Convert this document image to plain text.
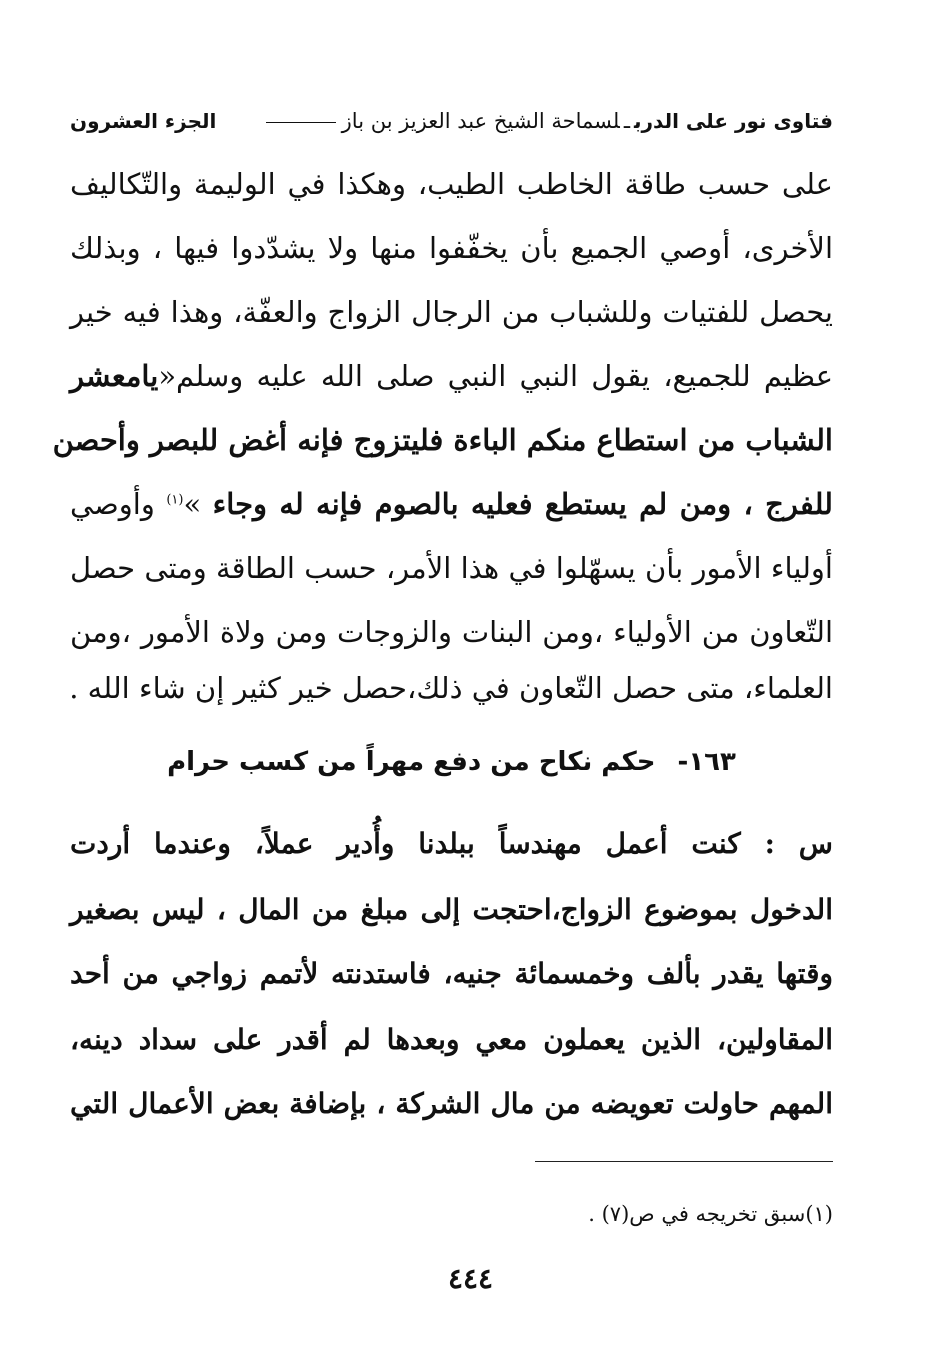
فتاوى نور على الدربـلسماحة الشيخ عبد العزيز بن باز
الجزء العشرون
على حسب طاقة الخاطب الطيب، وهكذا في الوليمة والتّكاليف
الأخرى، أوصي الجميع بأن يخفّفوا منها ولا يشدّدوا فيها ، وبذلك
يحصل للفتيات وللشباب من الرجال الزواج والعفّة، وهذا فيه خير
عظيم للجميع، يقول النبي النبي صلى الله عليه وسلم«يامعشر
الشباب من استطاع منكم الباءة فليتزوج فإنه أغض للبصر وأحصن
للفرج ، ومن لم يستطع فعليه بالصوم فإنه له وجاء »$^{(١)}$ وأوصي
أولياء الأمور بأن يسهّلوا في هذا الأمر، حسب الطاقة ومتى حصل
التّعاون من الأولياء ،ومن البنات والزوجات ومن ولاة الأمور ،ومن
العلماء، متى حصل التّعاون في ذلك،حصل خير كثير إن شاء الله .
١٦٣-حكم نكاح من دفع مهراً من كسب حرام
س : كنت أعمل مهندساً ببلدنا وأُدير عملاً، وعندما أردت
الدخول بموضوع الزواج،احتجت إلى مبلغ من المال ، ليس بصغير
وقتها يقدر بألف وخمسمائة جنيه، فاستدنته لأتمم زواجي من أحد
المقاولين، الذين يعملون معي وبعدها لم أقدر على سداد دينه،
المهم حاولت تعويضه من مال الشركة ، بإضافة بعض الأعمال التي
(١)سبق تخريجه في ص(٧) .
٤٤٤
